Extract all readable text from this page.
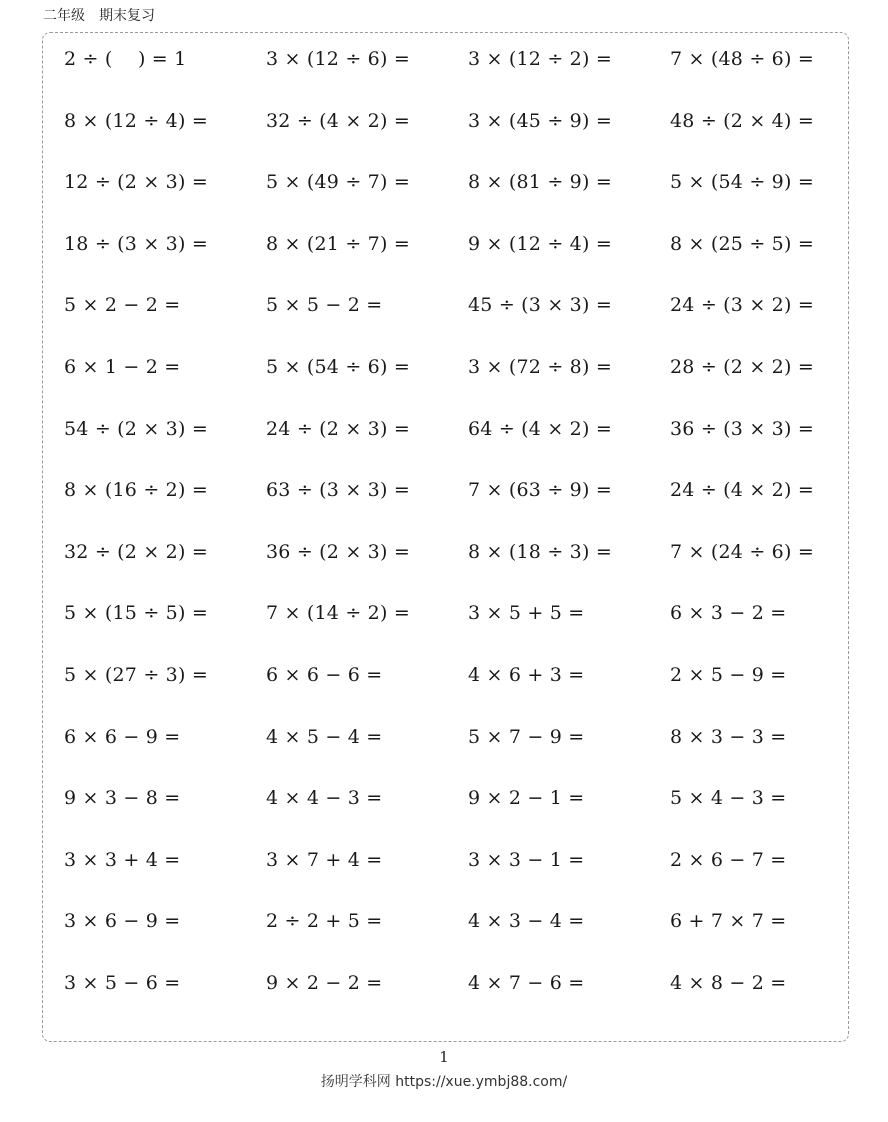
二年级　期末复习
2 ÷ (　 ) = 1	3 × (12 ÷ 6) =	3 × (12 ÷ 2) =	7 × (48 ÷ 6) =
8 × (12 ÷ 4) =	32 ÷ (4 × 2) =	3 × (45 ÷ 9) =	48 ÷ (2 × 4) =
12 ÷ (2 × 3) =	5 × (49 ÷ 7) =	8 × (81 ÷ 9) =	5 × (54 ÷ 9) =
18 ÷ (3 × 3) =	8 × (21 ÷ 7) =	9 × (12 ÷ 4) =	8 × (25 ÷ 5) =
5 × 2 − 2 =	5 × 5 − 2 =	45 ÷ (3 × 3) =	24 ÷ (3 × 2) =
6 × 1 − 2 =	5 × (54 ÷ 6) =	3 × (72 ÷ 8) =	28 ÷ (2 × 2) =
54 ÷ (2 × 3) =	24 ÷ (2 × 3) =	64 ÷ (4 × 2) =	36 ÷ (3 × 3) =
8 × (16 ÷ 2) =	63 ÷ (3 × 3) =	7 × (63 ÷ 9) =	24 ÷ (4 × 2) =
32 ÷ (2 × 2) =	36 ÷ (2 × 3) =	8 × (18 ÷ 3) =	7 × (24 ÷ 6) =
5 × (15 ÷ 5) =	7 × (14 ÷ 2) =	3 × 5 + 5 =	6 × 3 − 2 =
5 × (27 ÷ 3) =	6 × 6 − 6 =	4 × 6 + 3 =	2 × 5 − 9 =
6 × 6 − 9 =	4 × 5 − 4 =	5 × 7 − 9 =	8 × 3 − 3 =
9 × 3 − 8 =	4 × 4 − 3 =	9 × 2 − 1 =	5 × 4 − 3 =
3 × 3 + 4 =	3 × 7 + 4 =	3 × 3 − 1 =	2 × 6 − 7 =
3 × 6 − 9 =	2 ÷ 2 + 5 =	4 × 3 − 4 =	6 + 7 × 7 =
3 × 5 − 6 =	9 × 2 − 2 =	4 × 7 − 6 =	4 × 8 − 2 =
1
扬明学科网 https://xue.ymbj88.com/
